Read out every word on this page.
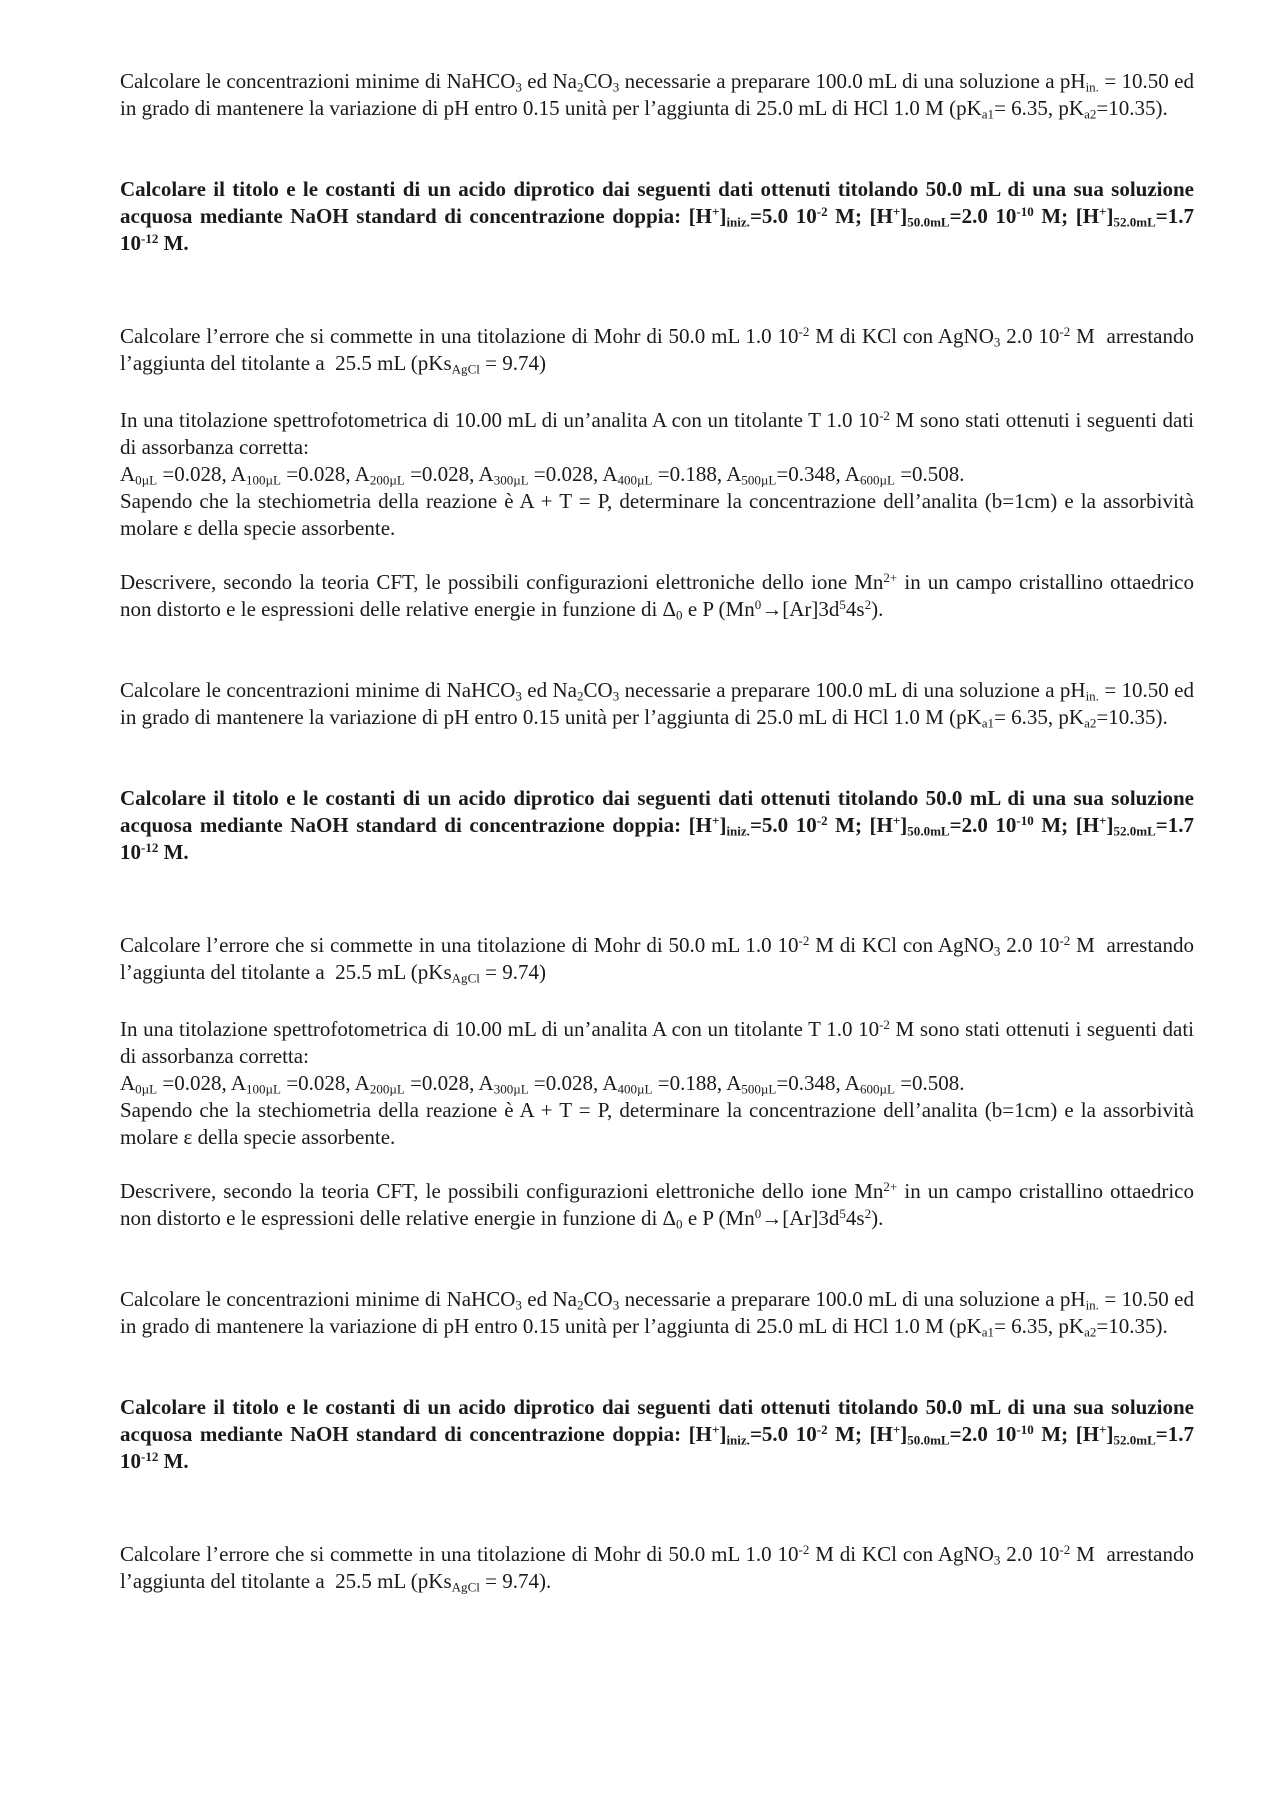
Calcolare le concentrazioni minime di NaHCO$_3$ ed $Na_2CO_3$ necessarie a preparare 100.0 mL di una soluzione a $pH_{in.} = 10.50$ ed in grado di mantenere la variazione di pH entro 0.15 unità per l’aggiunta di 25.0 mL di HCl 1.0 M ($pK_{a1}= 6.35$, $pK_{a2}=10.35$).

Calcolare il titolo e le costanti di un acido diprotico dai seguenti dati ottenuti titolando 50.0 mL di una sua soluzione acquosa mediante NaOH standard di concentrazione doppia: $[H^+]_{iniz.}=5.0$ $10^{-2}$ M; $[H^+]_{50.0mL}=2.0$ $10^{-10}$ M; $[H^+]_{52.0mL}=1.7$ $10^{-12}$ M.

Calcolare l’errore che si commette in una titolazione di Mohr di 50.0 mL 1.0 $10^{-2}$ M di KCl con AgNO$_3$ 2.0 $10^{-2}$ M  arrestando l’aggiunta del titolante a  25.5 mL (pKs$_{AgCl}$ = 9.74)

In una titolazione spettrofotometrica di 10.00 mL di un’analita A con un titolante T 1.0 $10^{-2}$ M sono stati ottenuti i seguenti dati di assorbanza corretta:
$A_{0\mu L} =0.028$, $A_{100\mu L} =0.028$, $A_{200\mu L} =0.028$, $A_{300\mu L} =0.028$, $A_{400\mu L} =0.188$, $A_{500\mu L}=0.348$, $A_{600\mu L} =0.508$.
Sapendo che la stechiometria della reazione è A + T = P, determinare la concentrazione dell’analita (b=1cm) e la assorbività molare ε della specie assorbente.

Descrivere, secondo la teoria CFT, le possibili configurazioni elettroniche dello ione $Mn^{2+}$ in un campo cristallino ottaedrico non distorto e le espressioni delle relative energie in funzione di $\Delta_0$ e P $(Mn^0\to[Ar]3d^54s^2)$.

Calcolare le concentrazioni minime di NaHCO$_3$ ed $Na_2CO_3$ necessarie a preparare 100.0 mL di una soluzione a $pH_{in.} = 10.50$ ed in grado di mantenere la variazione di pH entro 0.15 unità per l’aggiunta di 25.0 mL di HCl 1.0 M ($pK_{a1}= 6.35$, $pK_{a2}=10.35$).

Calcolare il titolo e le costanti di un acido diprotico dai seguenti dati ottenuti titolando 50.0 mL di una sua soluzione acquosa mediante NaOH standard di concentrazione doppia: $[H^+]_{iniz.}=5.0$ $10^{-2}$ M; $[H^+]_{50.0mL}=2.0$ $10^{-10}$ M; $[H^+]_{52.0mL}=1.7$ $10^{-12}$ M.

Calcolare l’errore che si commette in una titolazione di Mohr di 50.0 mL 1.0 $10^{-2}$ M di KCl con AgNO$_3$ 2.0 $10^{-2}$ M  arrestando l’aggiunta del titolante a  25.5 mL (pKs$_{AgCl}$ = 9.74)

In una titolazione spettrofotometrica di 10.00 mL di un’analita A con un titolante T 1.0 $10^{-2}$ M sono stati ottenuti i seguenti dati di assorbanza corretta:
$A_{0\mu L} =0.028$, $A_{100\mu L} =0.028$, $A_{200\mu L} =0.028$, $A_{300\mu L} =0.028$, $A_{400\mu L} =0.188$, $A_{500\mu L}=0.348$, $A_{600\mu L} =0.508$.
Sapendo che la stechiometria della reazione è A + T = P, determinare la concentrazione dell’analita (b=1cm) e la assorbività molare ε della specie assorbente.

Descrivere, secondo la teoria CFT, le possibili configurazioni elettroniche dello ione $Mn^{2+}$ in un campo cristallino ottaedrico non distorto e le espressioni delle relative energie in funzione di $\Delta_0$ e P $(Mn^0\to[Ar]3d^54s^2)$.

Calcolare le concentrazioni minime di NaHCO$_3$ ed $Na_2CO_3$ necessarie a preparare 100.0 mL di una soluzione a $pH_{in.} = 10.50$ ed in grado di mantenere la variazione di pH entro 0.15 unità per l’aggiunta di 25.0 mL di HCl 1.0 M ($pK_{a1}= 6.35$, $pK_{a2}=10.35$).

Calcolare il titolo e le costanti di un acido diprotico dai seguenti dati ottenuti titolando 50.0 mL di una sua soluzione acquosa mediante NaOH standard di concentrazione doppia: $[H^+]_{iniz.}=5.0$ $10^{-2}$ M; $[H^+]_{50.0mL}=2.0$ $10^{-10}$ M; $[H^+]_{52.0mL}=1.7$ $10^{-12}$ M.

Calcolare l’errore che si commette in una titolazione di Mohr di 50.0 mL 1.0 $10^{-2}$ M di KCl con AgNO$_3$ 2.0 $10^{-2}$ M  arrestando l’aggiunta del titolante a  25.5 mL (pKs$_{AgCl}$ = 9.74).
